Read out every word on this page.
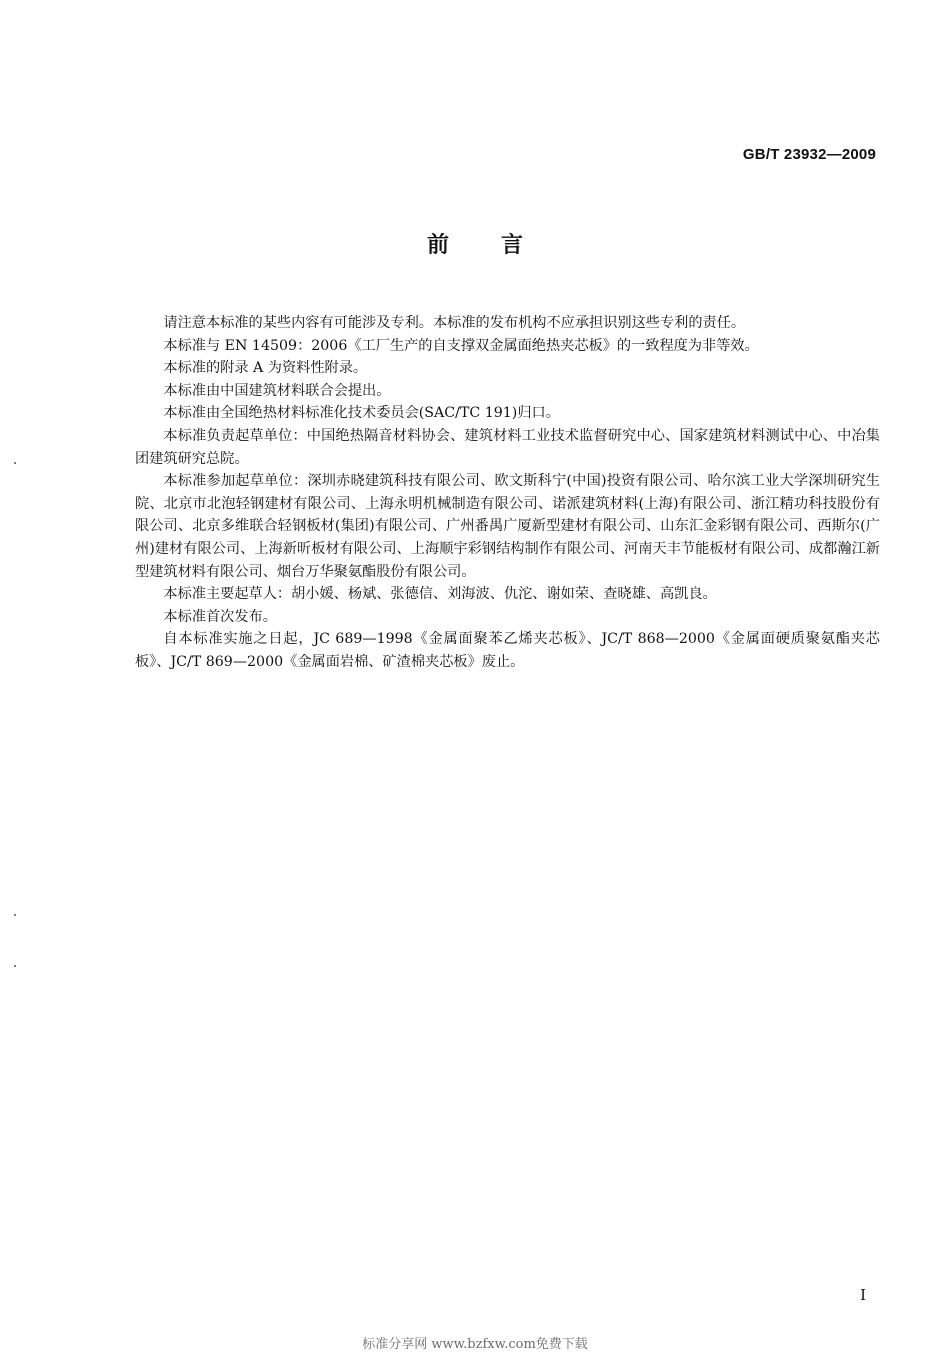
GB/T 23932—2009
前言

请注意本标准的某些内容有可能涉及专利。本标准的发布机构不应承担识别这些专利的责任。

本标准与 EN 14509：2006《工厂生产的自支撑双金属面绝热夹芯板》的一致程度为非等效。

本标准的附录 A 为资料性附录。

本标准由中国建筑材料联合会提出。

本标准由全国绝热材料标准化技术委员会(SAC/TC 191)归口。

本标准负责起草单位：中国绝热隔音材料协会、建筑材料工业技术监督研究中心、国家建筑材料测试中心、中冶集团建筑研究总院。

本标准参加起草单位：深圳赤晓建筑科技有限公司、欧文斯科宁(中国)投资有限公司、哈尔滨工业大学深圳研究生院、北京市北泡轻钢建材有限公司、上海永明机械制造有限公司、诺派建筑材料(上海)有限公司、浙江精功科技股份有限公司、北京多维联合轻钢板材(集团)有限公司、广州番禺广厦新型建材有限公司、山东汇金彩钢有限公司、西斯尔(广州)建材有限公司、上海新昕板材有限公司、上海顺宇彩钢结构制作有限公司、河南天丰节能板材有限公司、成都瀚江新型建筑材料有限公司、烟台万华聚氨酯股份有限公司。

本标准主要起草人：胡小媛、杨斌、张德信、刘海波、仇沱、谢如荣、查晓雄、高凯良。

本标准首次发布。

自本标准实施之日起，JC 689—1998《金属面聚苯乙烯夹芯板》、JC/T 868—2000《金属面硬质聚氨酯夹芯板》、JC/T 869—2000《金属面岩棉、矿渣棉夹芯板》废止。

I
标准分享网 www.bzfxw.com免费下载
